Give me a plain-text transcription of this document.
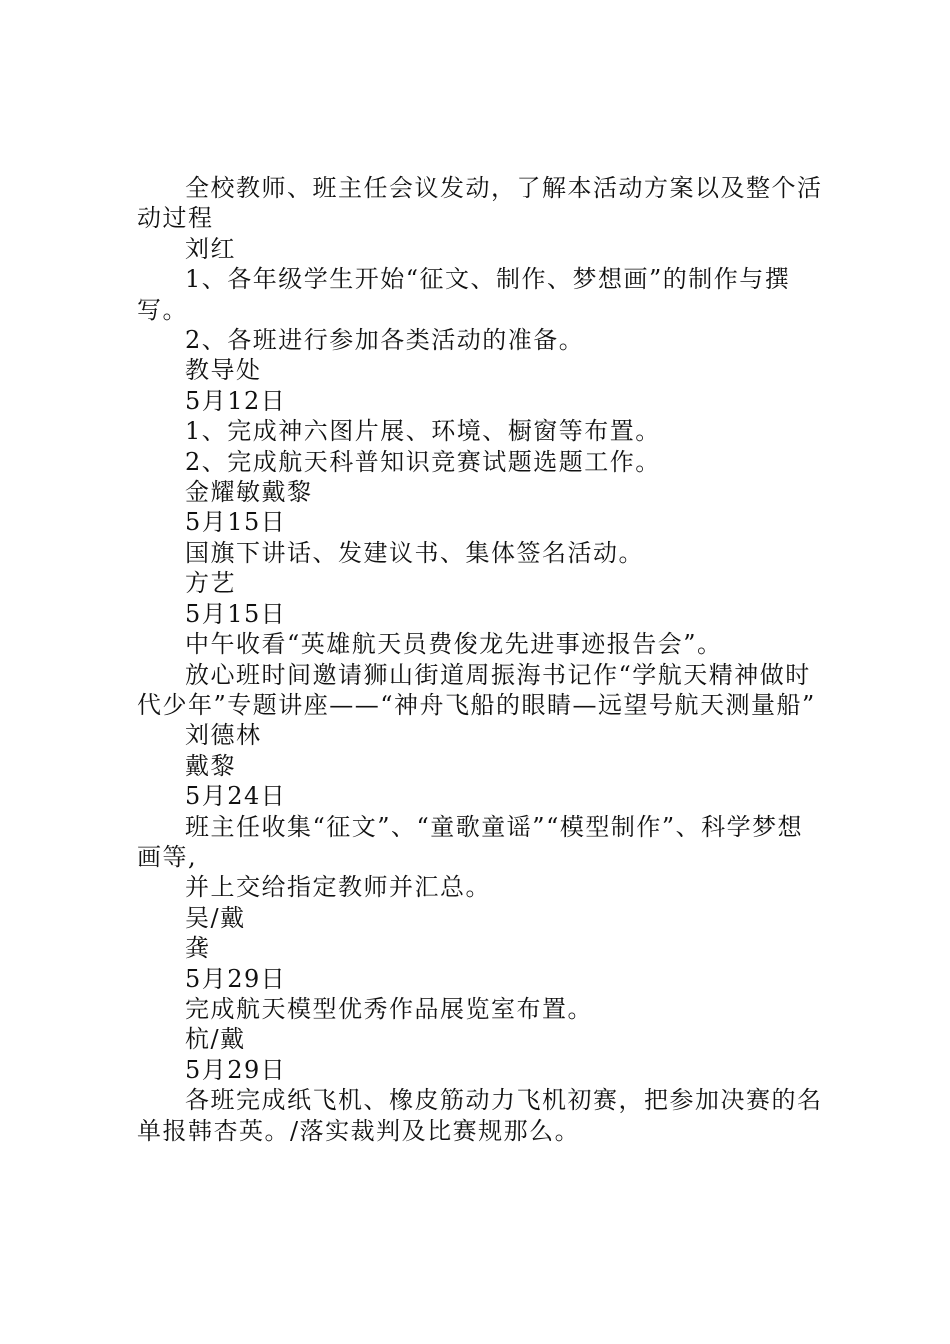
全校教师、班主任会议发动，了解本活动方案以及整个活动过程

刘红

1、各年级学生开始“征文、制作、梦想画”的制作与撰写。

2、各班进行参加各类活动的准备。

教导处

5月12日

1、完成神六图片展、环境、橱窗等布置。

2、完成航天科普知识竞赛试题选题工作。

金耀敏戴黎

5月15日

国旗下讲话、发建议书、集体签名活动。

方艺

5月15日

中午收看“英雄航天员费俊龙先进事迹报告会”。

放心班时间邀请狮山街道周振海书记作“学航天精神做时代少年”专题讲座——“神舟飞船的眼睛—远望号航天测量船”

刘德林

戴黎

5月24日

班主任收集“征文”、“童歌童谣”“模型制作”、科学梦想画等,

并上交给指定教师并汇总。

吴/戴

龚

5月29日

完成航天模型优秀作品展览室布置。

杭/戴

5月29日

各班完成纸飞机、橡皮筋动力飞机初赛，把参加决赛的名单报韩杏英。/落实裁判及比赛规那么。
